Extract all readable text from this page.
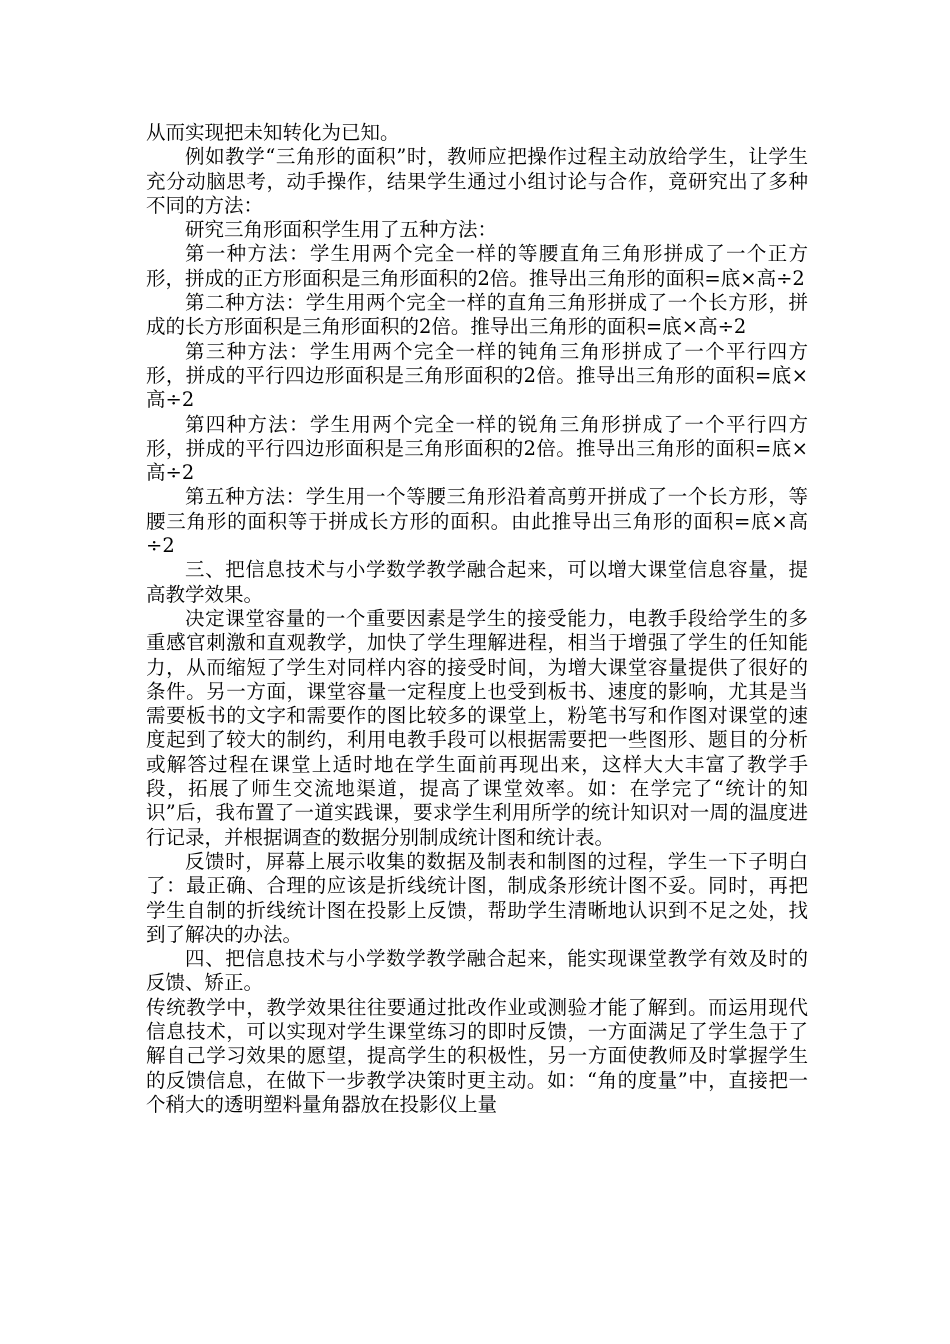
从而实现把未知转化为已知。

例如教学“三角形的面积”时，教师应把操作过程主动放给学生，让学生充分动脑思考，动手操作，结果学生通过小组讨论与合作，竟研究出了多种不同的方法：

研究三角形面积学生用了五种方法：

第一种方法：学生用两个完全一样的等腰直角三角形拼成了一个正方形，拼成的正方形面积是三角形面积的2倍。推导出三角形的面积=底×高÷2

第二种方法：学生用两个完全一样的直角三角形拼成了一个长方形，拼成的长方形面积是三角形面积的2倍。推导出三角形的面积=底×高÷2

第三种方法：学生用两个完全一样的钝角三角形拼成了一个平行四方形，拼成的平行四边形面积是三角形面积的2倍。推导出三角形的面积=底×高÷2

第四种方法：学生用两个完全一样的锐角三角形拼成了一个平行四方形，拼成的平行四边形面积是三角形面积的2倍。推导出三角形的面积=底×高÷2

第五种方法：学生用一个等腰三角形沿着高剪开拼成了一个长方形，等腰三角形的面积等于拼成长方形的面积。由此推导出三角形的面积=底×高÷2

三、把信息技术与小学数学教学融合起来，可以增大课堂信息容量，提高教学效果。

决定课堂容量的一个重要因素是学生的接受能力，电教手段给学生的多重感官刺激和直观教学，加快了学生理解进程，相当于增强了学生的任知能力，从而缩短了学生对同样内容的接受时间，为增大课堂容量提供了很好的条件。另一方面，课堂容量一定程度上也受到板书、速度的影响，尤其是当需要板书的文字和需要作的图比较多的课堂上，粉笔书写和作图对课堂的速度起到了较大的制约，利用电教手段可以根据需要把一些图形、题目的分析或解答过程在课堂上适时地在学生面前再现出来，这样大大丰富了教学手段，拓展了师生交流地渠道，提高了课堂效率。如：在学完了“统计的知识”后，我布置了一道实践课，要求学生利用所学的统计知识对一周的温度进行记录，并根据调查的数据分别制成统计图和统计表。

反馈时，屏幕上展示收集的数据及制表和制图的过程，学生一下子明白了：最正确、合理的应该是折线统计图，制成条形统计图不妥。同时，再把学生自制的折线统计图在投影上反馈，帮助学生清晰地认识到不足之处，找到了解决的办法。

四、把信息技术与小学数学教学融合起来，能实现课堂教学有效及时的反馈、矫正。

传统教学中，教学效果往往要通过批改作业或测验才能了解到。而运用现代信息技术，可以实现对学生课堂练习的即时反馈，一方面满足了学生急于了解自己学习效果的愿望，提高学生的积极性，另一方面使教师及时掌握学生的反馈信息，在做下一步教学决策时更主动。如：“角的度量”中，直接把一个稍大的透明塑料量角器放在投影仪上量
